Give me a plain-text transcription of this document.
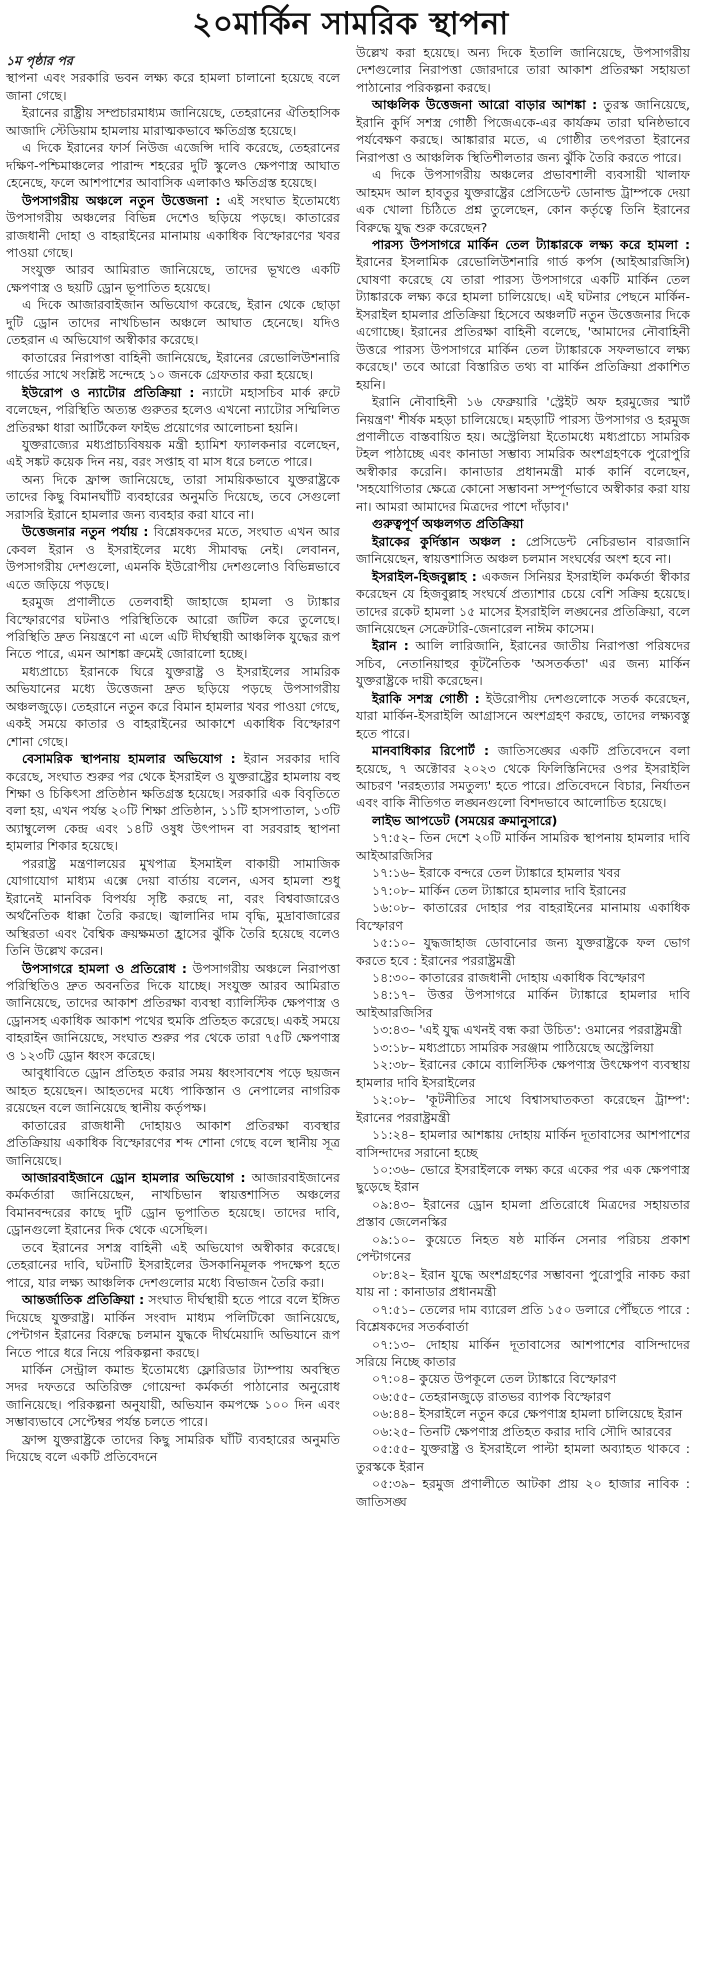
২০মার্কিন সামরিক স্থাপনা

১ম পৃষ্ঠার পর

স্থাপনা এবং সরকারি ভবন লক্ষ্য করে হামলা চালানো হয়েছে বলে জানা গেছে।

ইরানের রাষ্ট্রীয় সম্প্রচারমাধ্যম জানিয়েছে, তেহরানের ঐতিহাসিক আজাদি স্টেডিয়াম হামলায় মারাত্মকভাবে ক্ষতিগ্রস্ত হয়েছে।

এ দিকে ইরানের ফার্স নিউজ এজেন্সি দাবি করেছে, তেহরানের দক্ষিণ-পশ্চিমাঞ্চলের পারান্দ শহরের দুটি স্কুলেও ক্ষেপণাস্ত্র আঘাত হেনেছে, ফলে আশপাশের আবাসিক এলাকাও ক্ষতিগ্রস্ত হয়েছে।

উপসাগরীয় অঞ্চলে নতুন উত্তেজনা : এই সংঘাত ইতোমধ্যে উপসাগরীয় অঞ্চলের বিভিন্ন দেশেও ছড়িয়ে পড়ছে। কাতারের রাজধানী দোহা ও বাহরাইনের মানামায় একাধিক বিস্ফোরণের খবর পাওয়া গেছে।

সংযুক্ত আরব আমিরাত জানিয়েছে, তাদের ভূখণ্ডে একটি ক্ষেপণাস্ত্র ও ছয়টি ড্রোন ভূপাতিত হয়েছে।

এ দিকে আজারবাইজান অভিযোগ করেছে, ইরান থেকে ছোড়া দুটি ড্রোন তাদের নাখচিভান অঞ্চলে আঘাত হেনেছে। যদিও তেহরান এ অভিযোগ অস্বীকার করেছে।

কাতারের নিরাপত্তা বাহিনী জানিয়েছে, ইরানের রেভোলিউশনারি গার্ডের সাথে সংশ্লিষ্ট সন্দেহে ১০ জনকে গ্রেফতার করা হয়েছে।

ইউরোপ ও ন্যাটোর প্রতিক্রিয়া : ন্যাটো মহাসচিব মার্ক রুটে বলেছেন, পরিস্থিতি অত্যন্ত গুরুতর হলেও এখনো ন্যাটোর সম্মিলিত প্রতিরক্ষা ধারা আর্টিকেল ফাইভ প্রয়োগের আলোচনা হয়নি।

যুক্তরাজ্যের মধ্যপ্রাচ্যবিষয়ক মন্ত্রী হ্যামিশ ফ্যালকনার বলেছেন, এই সঙ্কট কয়েক দিন নয়, বরং সপ্তাহ বা মাস ধরে চলতে পারে।

অন্য দিকে ফ্রান্স জানিয়েছে, তারা সাময়িকভাবে যুক্তরাষ্ট্রকে তাদের কিছু বিমানঘাঁটি ব্যবহারের অনুমতি দিয়েছে, তবে সেগুলো সরাসরি ইরানে হামলার জন্য ব্যবহার করা যাবে না।

উত্তেজনার নতুন পর্যায় : বিশ্লেষকদের মতে, সংঘাত এখন আর কেবল ইরান ও ইসরাইলের মধ্যে সীমাবদ্ধ নেই। লেবানন, উপসাগরীয় দেশগুলো, এমনকি ইউরোপীয় দেশগুলোও বিভিন্নভাবে এতে জড়িয়ে পড়ছে।

হরমুজ প্রণালীতে তেলবাহী জাহাজে হামলা ও ট্যাঙ্কার বিস্ফোরণের ঘটনাও পরিস্থিতিকে আরো জটিল করে তুলেছে। পরিস্থিতি দ্রুত নিয়ন্ত্রণে না এলে এটি দীর্ঘস্থায়ী আঞ্চলিক যুদ্ধের রূপ নিতে পারে, এমন আশঙ্কা ক্রমেই জোরালো হচ্ছে।

মধ্যপ্রাচ্যে ইরানকে ঘিরে যুক্তরাষ্ট্র ও ইসরাইলের সামরিক অভিযানের মধ্যে উত্তেজনা দ্রুত ছড়িয়ে পড়ছে উপসাগরীয় অঞ্চলজুড়ে। তেহরানে নতুন করে বিমান হামলার খবর পাওয়া গেছে, একই সময়ে কাতার ও বাহরাইনের আকাশে একাধিক বিস্ফোরণ শোনা গেছে।

বেসামরিক স্থাপনায় হামলার অভিযোগ : ইরান সরকার দাবি করেছে, সংঘাত শুরুর পর থেকে ইসরাইল ও যুক্তরাষ্ট্রের হামলায় বহু শিক্ষা ও চিকিৎসা প্রতিষ্ঠান ক্ষতিগ্রস্ত হয়েছে। সরকারি এক বিবৃতিতে বলা হয়, এখন পর্যন্ত ২০টি শিক্ষা প্রতিষ্ঠান, ১১টি হাসপাতাল, ১৩টি অ্যাম্বুলেন্স কেন্দ্র এবং ১৪টি ওষুধ উৎপাদন বা সরবরাহ স্থাপনা হামলার শিকার হয়েছে।

পররাষ্ট্র মন্ত্রণালয়ের মুখপাত্র ইসমাইল বাকায়ী সামাজিক যোগাযোগ মাধ্যম এক্সে দেয়া বার্তায় বলেন, এসব হামলা শুধু ইরানেই মানবিক বিপর্যয় সৃষ্টি করছে না, বরং বিশ্ববাজারেও অর্থনৈতিক ধাক্কা তৈরি করছে। জ্বালানির দাম বৃদ্ধি, মুদ্রাবাজারের অস্থিরতা এবং বৈশ্বিক ক্রয়ক্ষমতা হ্রাসের ঝুঁকি তৈরি হয়েছে বলেও তিনি উল্লেখ করেন।

উপসাগরে হামলা ও প্রতিরোধ : উপসাগরীয় অঞ্চলে নিরাপত্তা পরিস্থিতিও দ্রুত অবনতির দিকে যাচ্ছে। সংযুক্ত আরব আমিরাত জানিয়েছে, তাদের আকাশ প্রতিরক্ষা ব্যবস্থা ব্যালিস্টিক ক্ষেপণাস্ত্র ও ড্রোনসহ একাধিক আকাশ পথের হুমকি প্রতিহত করেছে। একই সময়ে বাহরাইন জানিয়েছে, সংঘাত শুরুর পর থেকে তারা ৭৫টি ক্ষেপণাস্ত্র ও ১২৩টি ড্রোন ধ্বংস করেছে।

আবুধাবিতে ড্রোন প্রতিহত করার সময় ধ্বংসাবশেষ পড়ে ছয়জন আহত হয়েছেন। আহতদের মধ্যে পাকিস্তান ও নেপালের নাগরিক রয়েছেন বলে জানিয়েছে স্থানীয় কর্তৃপক্ষ।

কাতারের রাজধানী দোহায়ও আকাশ প্রতিরক্ষা ব্যবস্থার প্রতিক্রিয়ায় একাধিক বিস্ফোরণের শব্দ শোনা গেছে বলে স্থানীয় সূত্র জানিয়েছে।

আজারবাইজানে ড্রোন হামলার অভিযোগ : আজারবাইজানের কর্মকর্তারা জানিয়েছেন, নাখচিভান স্বায়ত্তশাসিত অঞ্চলের বিমানবন্দরের কাছে দুটি ড্রোন ভূপাতিত হয়েছে। তাদের দাবি, ড্রোনগুলো ইরানের দিক থেকে এসেছিল।

তবে ইরানের সশস্ত্র বাহিনী এই অভিযোগ অস্বীকার করেছে। তেহরানের দাবি, ঘটনাটি ইসরাইলের উসকানিমূলক পদক্ষেপ হতে পারে, যার লক্ষ্য আঞ্চলিক দেশগুলোর মধ্যে বিভাজন তৈরি করা।

আন্তর্জাতিক প্রতিক্রিয়া : সংঘাত দীর্ঘস্থায়ী হতে পারে বলে ইঙ্গিত দিয়েছে যুক্তরাষ্ট্র। মার্কিন সংবাদ মাধ্যম পলিটিকো জানিয়েছে, পেন্টাগন ইরানের বিরুদ্ধে চলমান যুদ্ধকে দীর্ঘমেয়াদি অভিযানে রূপ নিতে পারে ধরে নিয়ে পরিকল্পনা করছে।

মার্কিন সেন্ট্রাল কমান্ড ইতোমধ্যে ফ্লোরিডার ট্যাম্পায় অবস্থিত সদর দফতরে অতিরিক্ত গোয়েন্দা কর্মকর্তা পাঠানোর অনুরোধ জানিয়েছে। পরিকল্পনা অনুযায়ী, অভিযান কমপক্ষে ১০০ দিন এবং সম্ভাব্যভাবে সেপ্টেম্বর পর্যন্ত চলতে পারে।

ফ্রান্স যুক্তরাষ্ট্রকে তাদের কিছু সামরিক ঘাঁটি ব্যবহারের অনুমতি দিয়েছে বলে একটি প্রতিবেদনে

উল্লেখ করা হয়েছে। অন্য দিকে ইতালি জানিয়েছে, উপসাগরীয় দেশগুলোর নিরাপত্তা জোরদারে তারা আকাশ প্রতিরক্ষা সহায়তা পাঠানোর পরিকল্পনা করছে।

আঞ্চলিক উত্তেজনা আরো বাড়ার আশঙ্কা : তুরস্ক জানিয়েছে, ইরানি কুর্দি সশস্ত্র গোষ্ঠী পিজেএকে-এর কার্যক্রম তারা ঘনিষ্ঠভাবে পর্যবেক্ষণ করছে। আঙ্কারার মতে, এ গোষ্ঠীর তৎপরতা ইরানের নিরাপত্তা ও আঞ্চলিক স্থিতিশীলতার জন্য ঝুঁকি তৈরি করতে পারে।

এ দিকে উপসাগরীয় অঞ্চলের প্রভাবশালী ব্যবসায়ী খালাফ আহমদ আল হাবতুর যুক্তরাষ্ট্রের প্রেসিডেন্ট ডোনাল্ড ট্রাম্পকে দেয়া এক খোলা চিঠিতে প্রশ্ন তুলেছেন, কোন কর্তৃত্বে তিনি ইরানের বিরুদ্ধে যুদ্ধ শুরু করেছেন?

পারস্য উপসাগরে মার্কিন তেল ট্যাঙ্কারকে লক্ষ্য করে হামলা : ইরানের ইসলামিক রেভোলিউশনারি গার্ড কর্পস (আইআরজিসি) ঘোষণা করেছে যে তারা পারস্য উপসাগরে একটি মার্কিন তেল ট্যাঙ্কারকে লক্ষ্য করে হামলা চালিয়েছে। এই ঘটনার পেছনে মার্কিন-ইসরাইল হামলার প্রতিক্রিয়া হিসেবে অঞ্চলটি নতুন উত্তেজনার দিকে এগোচ্ছে। ইরানের প্রতিরক্ষা বাহিনী বলেছে, 'আমাদের নৌবাহিনী উত্তরে পারস্য উপসাগরে মার্কিন তেল ট্যাঙ্কারকে সফলভাবে লক্ষ্য করেছে।' তবে আরো বিস্তারিত তথ্য বা মার্কিন প্রতিক্রিয়া প্রকাশিত হয়নি।

ইরানি নৌবাহিনী ১৬ ফেব্রুয়ারি 'স্ট্রেইট অফ হরমুজের স্মার্ট নিয়ন্ত্রণ' শীর্ষক মহড়া চালিয়েছে। মহড়াটি পারস্য উপসাগর ও হরমুজ প্রণালীতে বাস্তবায়িত হয়। অস্ট্রেলিয়া ইতোমধ্যে মধ্যপ্রাচ্যে সামরিক টহল পাঠাচ্ছে এবং কানাডা সম্ভাব্য সামরিক অংশগ্রহণকে পুরোপুরি অস্বীকার করেনি। কানাডার প্রধানমন্ত্রী মার্ক কার্নি বলেছেন, 'সহযোগিতার ক্ষেত্রে কোনো সম্ভাবনা সম্পূর্ণভাবে অস্বীকার করা যায় না। আমরা আমাদের মিত্রদের পাশে দাঁড়াব।'

গুরুত্বপূর্ণ অঞ্চলগত প্রতিক্রিয়া

ইরাকের কুর্দিস্তান অঞ্চল : প্রেসিডেন্ট নেচিরভান বারজানি জানিয়েছেন, স্বায়ত্তশাসিত অঞ্চল চলমান সংঘর্ষের অংশ হবে না।

ইসরাইল-হিজবুল্লাহ : একজন সিনিয়র ইসরাইলি কর্মকর্তা স্বীকার করেছেন যে হিজবুল্লাহ সংঘর্ষে প্রত্যাশার চেয়ে বেশি সক্রিয় হয়েছে। তাদের রকেট হামলা ১৫ মাসের ইসরাইলি লঙ্ঘনের প্রতিক্রিয়া, বলে জানিয়েছেন সেক্রেটারি-জেনারেল নাঈম কাসেম।

ইরান : আলি লারিজানি, ইরানের জাতীয় নিরাপত্তা পরিষদের সচিব, নেতানিয়াহুর কূটনৈতিক 'অসতর্কতা' এর জন্য মার্কিন যুক্তরাষ্ট্রকে দায়ী করেছেন।

ইরাকি সশস্ত্র গোষ্ঠী : ইউরোপীয় দেশগুলোকে সতর্ক করেছেন, যারা মার্কিন-ইসরাইলি আগ্রাসনে অংশগ্রহণ করছে, তাদের লক্ষ্যবস্তু হতে পারে।

মানবাধিকার রিপোর্ট : জাতিসঙ্ঘের একটি প্রতিবেদনে বলা হয়েছে, ৭ অক্টোবর ২০২৩ থেকে ফিলিস্তিনিদের ওপর ইসরাইলি আচরণ 'নরহত্যার সমতুল্য' হতে পারে। প্রতিবেদনে বিচার, নির্যাতন এবং বাকি নীতিগত লঙ্ঘনগুলো বিশদভাবে আলোচিত হয়েছে।

লাইভ আপডেট (সময়ের ক্রমানুসারে)

১৭:৫২– তিন দেশে ২০টি মার্কিন সামরিক স্থাপনায় হামলার দাবি আইআরজিসির

১৭:১৬– ইরাকে বন্দরে তেল ট্যাঙ্কারে হামলার খবর

১৭:০৮– মার্কিন তেল ট্যাঙ্কারে হামলার দাবি ইরানের

১৬:০৮– কাতারের দোহার পর বাহরাইনের মানামায় একাধিক বিস্ফোরণ

১৫:১০– যুদ্ধজাহাজ ডোবানোর জন্য যুক্তরাষ্ট্রকে ফল ভোগ করতে হবে : ইরানের পররাষ্ট্রমন্ত্রী

১৪:৩০– কাতারের রাজধানী দোহায় একাধিক বিস্ফোরণ

১৪:১৭– উত্তর উপসাগরে মার্কিন ট্যাঙ্কারে হামলার দাবি আইআরজিসির

১৩:৪৩– 'এই যুদ্ধ এখনই বন্ধ করা উচিত': ওমানের পররাষ্ট্রমন্ত্রী

১৩:১৮– মধ্যপ্রাচ্যে সামরিক সরঞ্জাম পাঠিয়েছে অস্ট্রেলিয়া

১২:৩৮– ইরানের কোমে ব্যালিস্টিক ক্ষেপণাস্ত্র উৎক্ষেপণ ব্যবস্থায় হামলার দাবি ইসরাইলের

১২:০৮– 'কূটনীতির সাথে বিশ্বাসঘাতকতা করেছেন ট্রাম্প': ইরানের পররাষ্ট্রমন্ত্রী

১১:২৪– হামলার আশঙ্কায় দোহায় মার্কিন দূতাবাসের আশপাশের বাসিন্দাদের সরানো হচ্ছে

১০:৩৬– ভোরে ইসরাইলকে লক্ষ্য করে একের পর এক ক্ষেপণাস্ত্র ছুড়েছে ইরান

০৯:৪৩– ইরানের ড্রোন হামলা প্রতিরোধে মিত্রদের সহায়তার প্রস্তাব জেলেনস্কির

০৯:১০– কুয়েতে নিহত ষষ্ঠ মার্কিন সেনার পরিচয় প্রকাশ পেন্টাগনের

০৮:৪২– ইরান যুদ্ধে অংশগ্রহণের সম্ভাবনা পুরোপুরি নাকচ করা যায় না : কানাডার প্রধানমন্ত্রী

০৭:৫১– তেলের দাম ব্যারেল প্রতি ১৫০ ডলারে পৌঁছতে পারে : বিশ্লেষকদের সতর্কবার্তা

০৭:১৩– দোহায় মার্কিন দূতাবাসের আশপাশের বাসিন্দাদের সরিয়ে নিচ্ছে কাতার

০৭:০৪– কুয়েত উপকূলে তেল ট্যাঙ্কারে বিস্ফোরণ

০৬:৫৫– তেহরানজুড়ে রাতভর ব্যাপক বিস্ফোরণ

০৬:৪৪– ইসরাইলে নতুন করে ক্ষেপণাস্ত্র হামলা চালিয়েছে ইরান

০৬:২৫– তিনটি ক্ষেপণাস্ত্র প্রতিহত করার দাবি সৌদি আরবের

০৫:৫৫– যুক্তরাষ্ট্র ও ইসরাইলে পাল্টা হামলা অব্যাহত থাকবে : তুরস্ককে ইরান

০৫:৩৯– হরমুজ প্রণালীতে আটকা প্রায় ২০ হাজার নাবিক : জাতিসঙ্ঘ
